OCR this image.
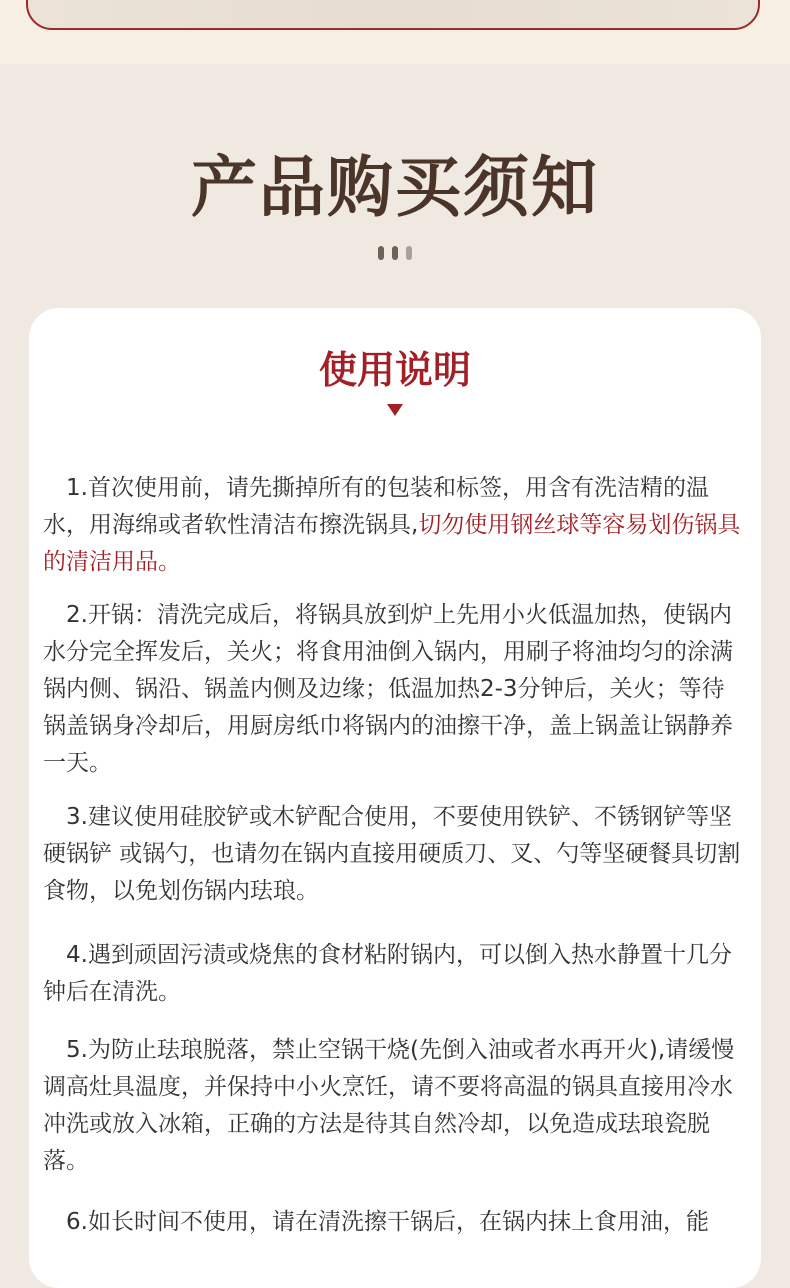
产品购买须知

使用说明

1.首次使用前，请先撕掉所有的包装和标签，用含有洗洁精的温水，用海绵或者软性清洁布擦洗锅具,切勿使用钢丝球等容易划伤锅具的清洁用品。

2.开锅：清洗完成后，将锅具放到炉上先用小火低温加热，使锅内水分完全挥发后，关火；将食用油倒入锅内，用刷子将油均匀的涂满锅内侧、锅沿、锅盖内侧及边缘；低温加热2-3分钟后，关火；等待锅盖锅身冷却后，用厨房纸巾将锅内的油擦干净，盖上锅盖让锅静养一天。

3.建议使用硅胶铲或木铲配合使用，不要使用铁铲、不锈钢铲等坚硬锅铲 或锅勺，也请勿在锅内直接用硬质刀、叉、勺等坚硬餐具切割食物，以免划伤锅内珐琅。

4.遇到顽固污渍或烧焦的食材粘附锅内，可以倒入热水静置十几分钟后在清洗。

5.为防止珐琅脱落，禁止空锅干烧(先倒入油或者水再开火),请缓慢调高灶具温度，并保持中小火烹饪，请不要将高温的锅具直接用冷水 冲洗或放入冰箱，正确的方法是待其自然冷却，以免造成珐琅瓷脱落。

6.如长时间不使用，请在清洗擦干锅后，在锅内抹上食用油，能
